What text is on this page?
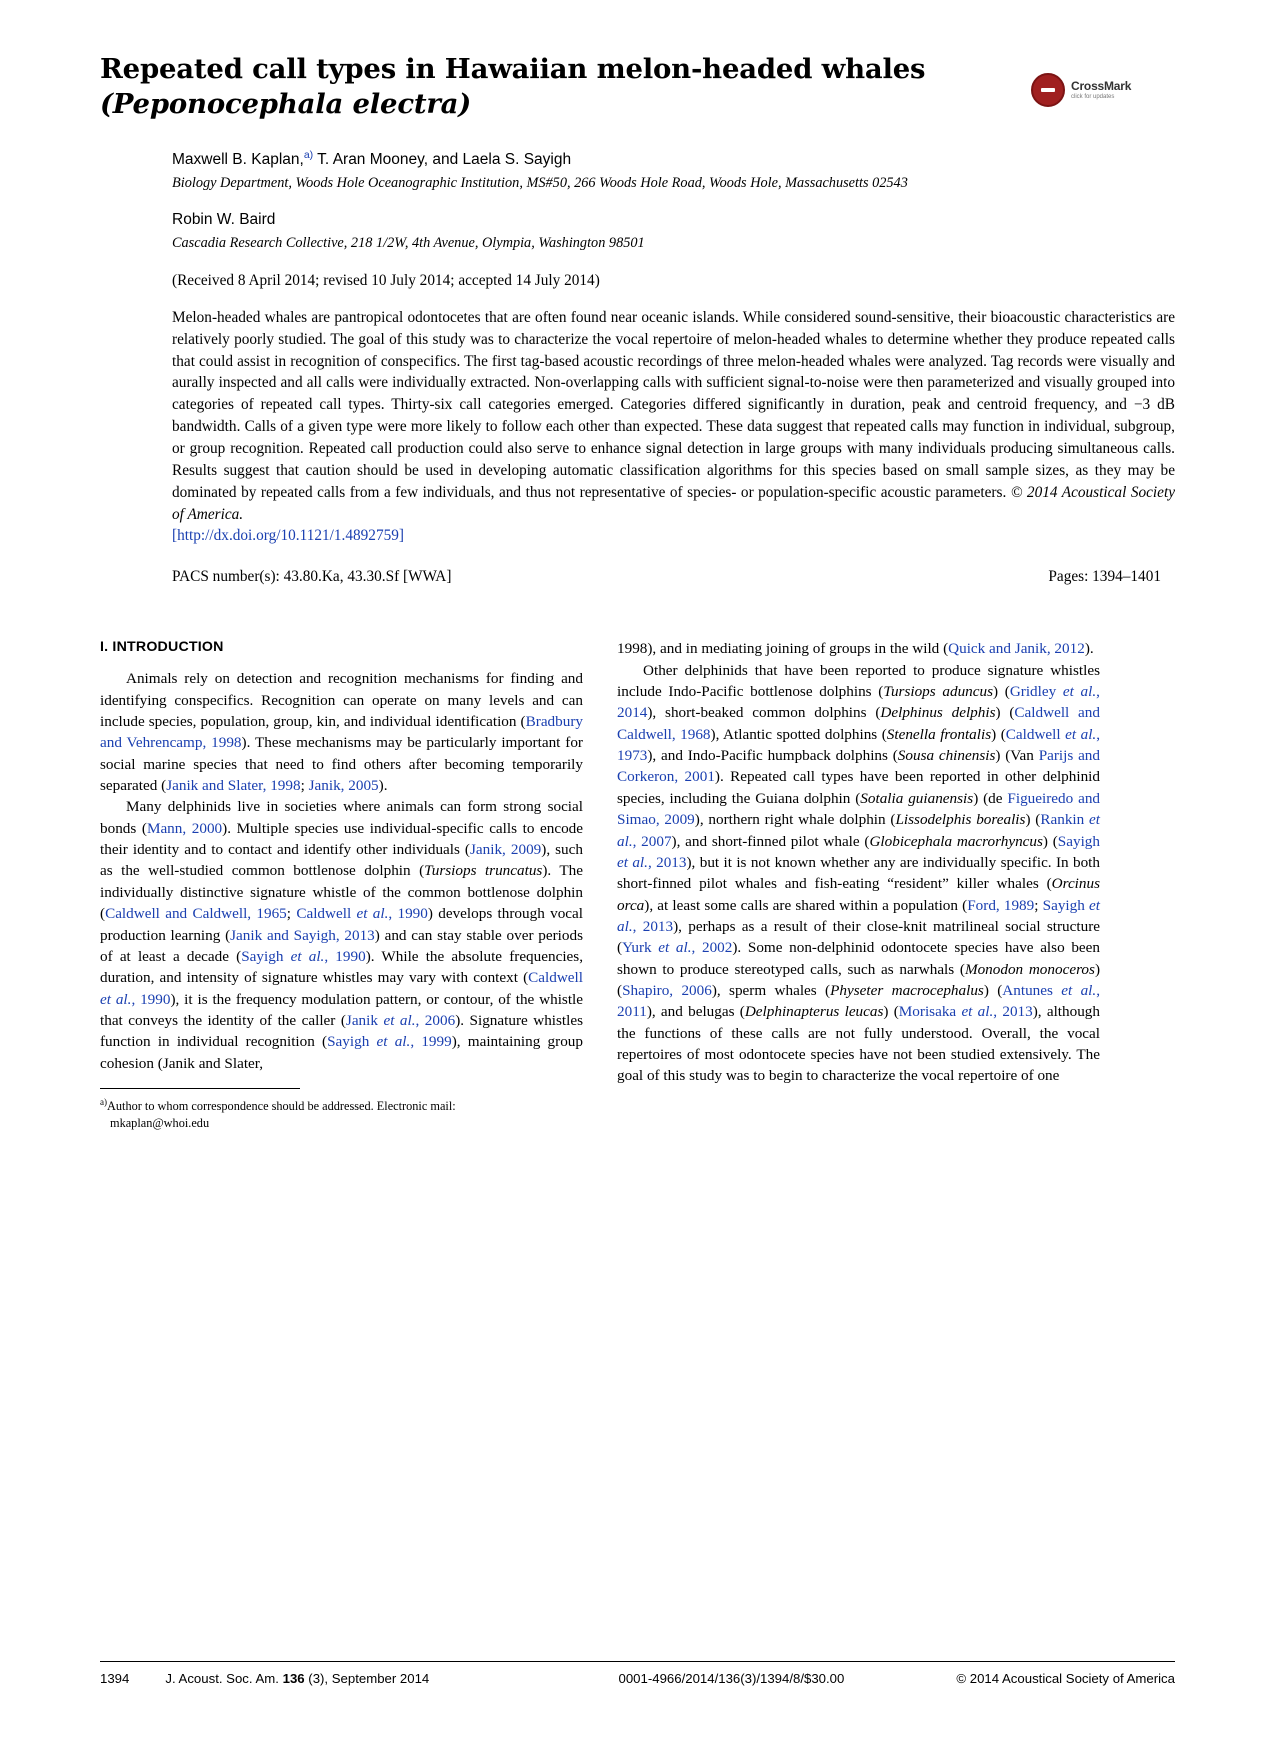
CrossMark
click for updates
Repeated call types in Hawaiian melon-headed whales
(Peponocephala electra)
Maxwell B. Kaplan,$^{a)}$ T. Aran Mooney, and Laela S. Sayigh
Biology Department, Woods Hole Oceanographic Institution, MS#50, 266 Woods Hole Road, Woods Hole, Massachusetts 02543
Robin W. Baird
Cascadia Research Collective, 218 1/2W, 4th Avenue, Olympia, Washington 98501
(Received 8 April 2014; revised 10 July 2014; accepted 14 July 2014)
Melon-headed whales are pantropical odontocetes that are often found near oceanic islands. While considered sound-sensitive, their bioacoustic characteristics are relatively poorly studied. The goal of this study was to characterize the vocal repertoire of melon-headed whales to determine whether they produce repeated calls that could assist in recognition of conspecifics. The first tag-based acoustic recordings of three melon-headed whales were analyzed. Tag records were visually and aurally inspected and all calls were individually extracted. Non-overlapping calls with sufficient signal-to-noise were then parameterized and visually grouped into categories of repeated call types. Thirty-six call categories emerged. Categories differed significantly in duration, peak and centroid frequency, and −3 dB bandwidth. Calls of a given type were more likely to follow each other than expected. These data suggest that repeated calls may function in individual, subgroup, or group recognition. Repeated call production could also serve to enhance signal detection in large groups with many individuals producing simultaneous calls. Results suggest that caution should be used in developing automatic classification algorithms for this species based on small sample sizes, as they may be dominated by repeated calls from a few individuals, and thus not representative of species- or population-specific acoustic parameters. © 2014 Acoustical Society of America.
[http://dx.doi.org/10.1121/1.4892759]
PACS number(s): 43.80.Ka, 43.30.Sf [WWA]	Pages: 1394–1401
I. INTRODUCTION

Animals rely on detection and recognition mechanisms for finding and identifying conspecifics. Recognition can operate on many levels and can include species, population, group, kin, and individual identification (Bradbury and Vehrencamp, 1998). These mechanisms may be particularly important for social marine species that need to find others after becoming temporarily separated (Janik and Slater, 1998; Janik, 2005).

Many delphinids live in societies where animals can form strong social bonds (Mann, 2000). Multiple species use individual-specific calls to encode their identity and to contact and identify other individuals (Janik, 2009), such as the well-studied common bottlenose dolphin (Tursiops truncatus). The individually distinctive signature whistle of the common bottlenose dolphin (Caldwell and Caldwell, 1965; Caldwell et al., 1990) develops through vocal production learning (Janik and Sayigh, 2013) and can stay stable over periods of at least a decade (Sayigh et al., 1990). While the absolute frequencies, duration, and intensity of signature whistles may vary with context (Caldwell et al., 1990), it is the frequency modulation pattern, or contour, of the whistle that conveys the identity of the caller (Janik et al., 2006). Signature whistles function in individual recognition (Sayigh et al., 1999), maintaining group cohesion (Janik and Slater,

$^{a)}$Author to whom correspondence should be addressed. Electronic mail:
mkaplan@whoi.edu

1998), and in mediating joining of groups in the wild (Quick and Janik, 2012).

Other delphinids that have been reported to produce signature whistles include Indo-Pacific bottlenose dolphins (Tursiops aduncus) (Gridley et al., 2014), short-beaked common dolphins (Delphinus delphis) (Caldwell and Caldwell, 1968), Atlantic spotted dolphins (Stenella frontalis) (Caldwell et al., 1973), and Indo-Pacific humpback dolphins (Sousa chinensis) (Van Parijs and Corkeron, 2001). Repeated call types have been reported in other delphinid species, including the Guiana dolphin (Sotalia guianensis) (de Figueiredo and Simao, 2009), northern right whale dolphin (Lissodelphis borealis) (Rankin et al., 2007), and short-finned pilot whale (Globicephala macrorhyncus) (Sayigh et al., 2013), but it is not known whether any are individually specific. In both short-finned pilot whales and fish-eating “resident” killer whales (Orcinus orca), at least some calls are shared within a population (Ford, 1989; Sayigh et al., 2013), perhaps as a result of their close-knit matrilineal social structure (Yurk et al., 2002). Some non-delphinid odontocete species have also been shown to produce stereotyped calls, such as narwhals (Monodon monoceros) (Shapiro, 2006), sperm whales (Physeter macrocephalus) (Antunes et al., 2011), and belugas (Delphinapterus leucas) (Morisaka et al., 2013), although the functions of these calls are not fully understood. Overall, the vocal repertoires of most odontocete species have not been studied extensively. The goal of this study was to begin to characterize the vocal repertoire of one

1394	J. Acoust. Soc. Am. 136 (3), September 2014	0001-4966/2014/136(3)/1394/8/$30.00	© 2014 Acoustical Society of America
